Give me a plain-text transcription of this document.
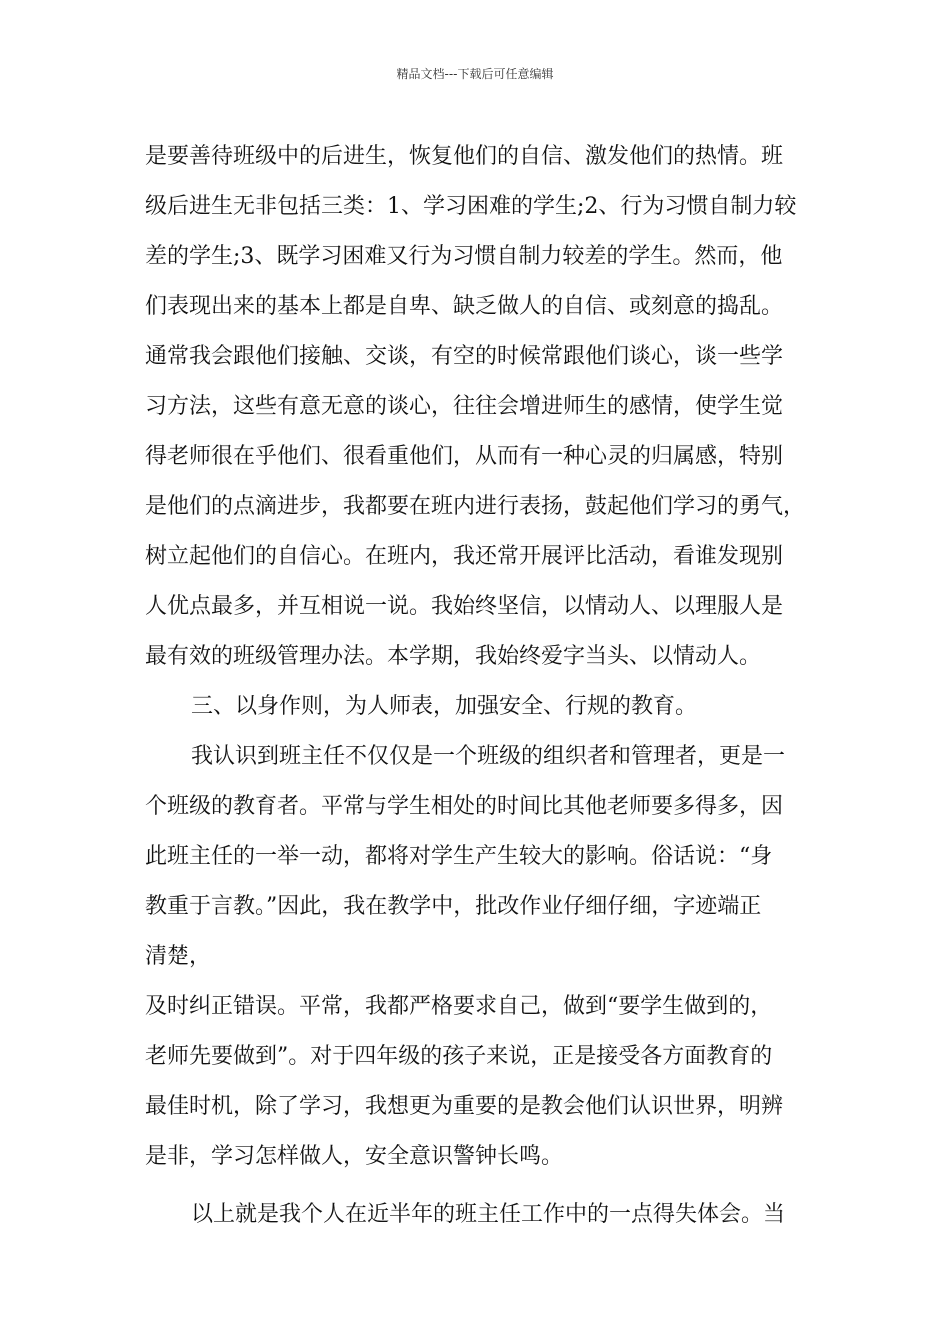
精品文档---下载后可任意编辑
是要善待班级中的后进生，恢复他们的自信、激发他们的热情。班
级后进生无非包括三类：1、学习困难的学生;2、行为习惯自制力较
差的学生;3、既学习困难又行为习惯自制力较差的学生。然而，他
们表现出来的基本上都是自卑、缺乏做人的自信、或刻意的捣乱。
通常我会跟他们接触、交谈，有空的时候常跟他们谈心，谈一些学
习方法，这些有意无意的谈心，往往会增进师生的感情，使学生觉
得老师很在乎他们、很看重他们，从而有一种心灵的归属感，特别
是他们的点滴进步，我都要在班内进行表扬，鼓起他们学习的勇气，
树立起他们的自信心。在班内，我还常开展评比活动，看谁发现别
人优点最多，并互相说一说。我始终坚信，以情动人、以理服人是
最有效的班级管理办法。本学期，我始终爱字当头、以情动人。
三、以身作则，为人师表，加强安全、行规的教育。
我认识到班主任不仅仅是一个班级的组织者和管理者，更是一
个班级的教育者。平常与学生相处的时间比其他老师要多得多，因
此班主任的一举一动，都将对学生产生较大的影响。俗话说：“身
教重于言教。”因此，我在教学中，批改作业仔细仔细，字迹端正
清楚，
及时纠正错误。平常，我都严格要求自己，做到“要学生做到的，
老师先要做到”。对于四年级的孩子来说，正是接受各方面教育的
最佳时机，除了学习，我想更为重要的是教会他们认识世界，明辨
是非，学习怎样做人，安全意识警钟长鸣。
以上就是我个人在近半年的班主任工作中的一点得失体会。当
